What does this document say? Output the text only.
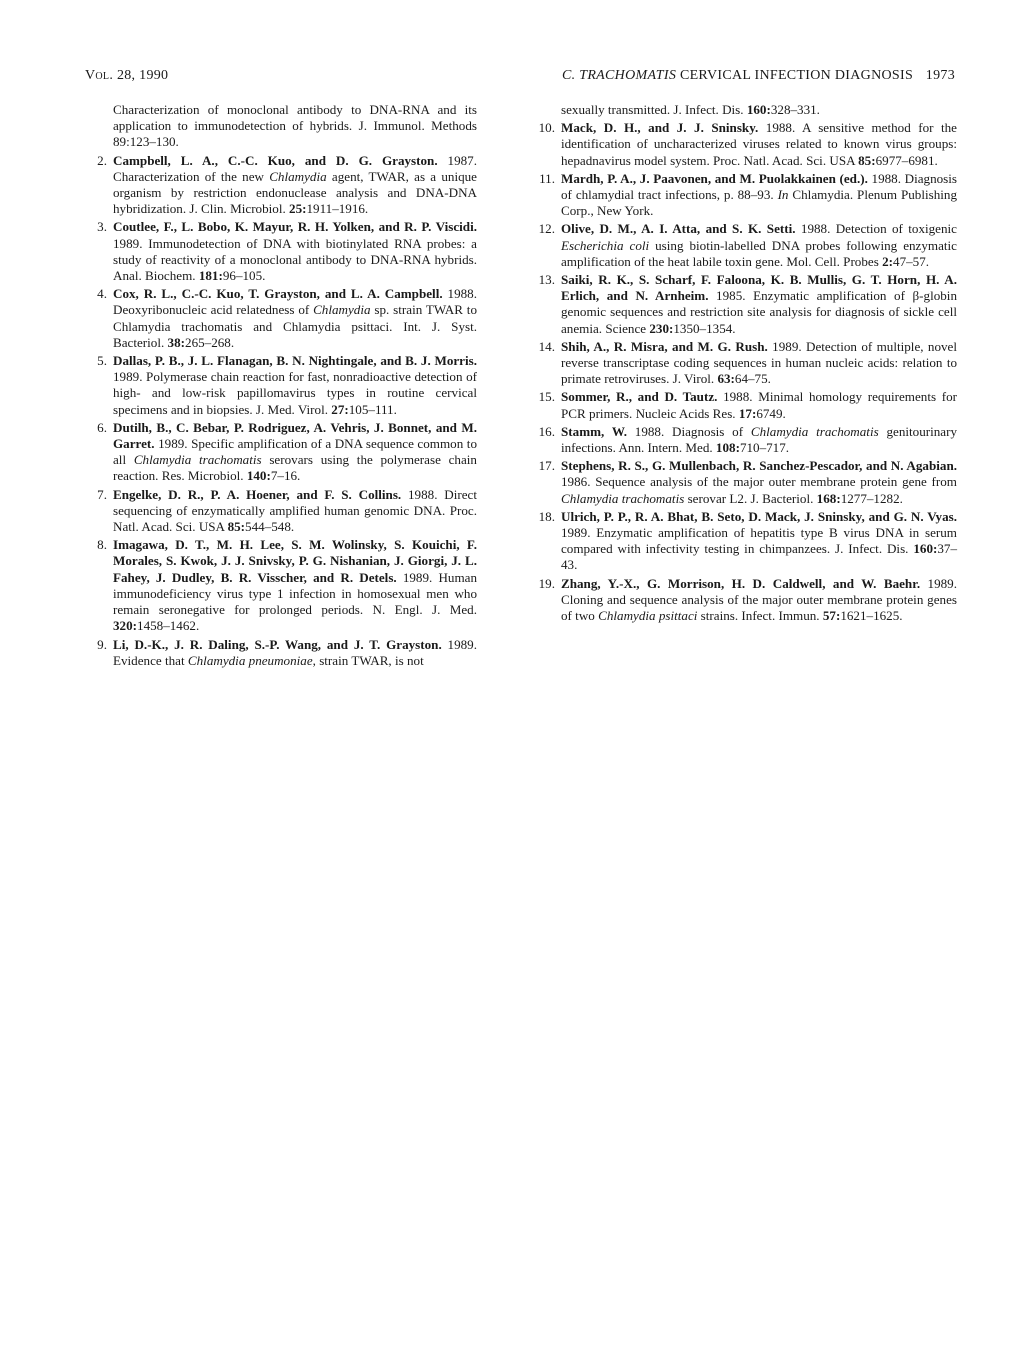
Vol. 28, 1990	C. TRACHOMATIS CERVICAL INFECTION DIAGNOSIS 1973

Characterization of monoclonal antibody to DNA-RNA and its application to immunodetection of hybrids. J. Immunol. Methods 89:123–130.

2. Campbell, L. A., C.-C. Kuo, and D. G. Grayston. 1987. Characterization of the new Chlamydia agent, TWAR, as a unique organism by restriction endonuclease analysis and DNA-DNA hybridization. J. Clin. Microbiol. 25:1911–1916.

3. Coutlee, F., L. Bobo, K. Mayur, R. H. Yolken, and R. P. Viscidi. 1989. Immunodetection of DNA with biotinylated RNA probes: a study of reactivity of a monoclonal antibody to DNA-RNA hybrids. Anal. Biochem. 181:96–105.

4. Cox, R. L., C.-C. Kuo, T. Grayston, and L. A. Campbell. 1988. Deoxyribonucleic acid relatedness of Chlamydia sp. strain TWAR to Chlamydia trachomatis and Chlamydia psittaci. Int. J. Syst. Bacteriol. 38:265–268.

5. Dallas, P. B., J. L. Flanagan, B. N. Nightingale, and B. J. Morris. 1989. Polymerase chain reaction for fast, nonradioactive detection of high- and low-risk papillomavirus types in routine cervical specimens and in biopsies. J. Med. Virol. 27:105–111.

6. Dutilh, B., C. Bebar, P. Rodriguez, A. Vehris, J. Bonnet, and M. Garret. 1989. Specific amplification of a DNA sequence common to all Chlamydia trachomatis serovars using the polymerase chain reaction. Res. Microbiol. 140:7–16.

7. Engelke, D. R., P. A. Hoener, and F. S. Collins. 1988. Direct sequencing of enzymatically amplified human genomic DNA. Proc. Natl. Acad. Sci. USA 85:544–548.

8. Imagawa, D. T., M. H. Lee, S. M. Wolinsky, S. Kouichi, F. Morales, S. Kwok, J. J. Snivsky, P. G. Nishanian, J. Giorgi, J. L. Fahey, J. Dudley, B. R. Visscher, and R. Detels. 1989. Human immunodeficiency virus type 1 infection in homosexual men who remain seronegative for prolonged periods. N. Engl. J. Med. 320:1458–1462.

9. Li, D.-K., J. R. Daling, S.-P. Wang, and J. T. Grayston. 1989. Evidence that Chlamydia pneumoniae, strain TWAR, is not

sexually transmitted. J. Infect. Dis. 160:328–331.

10. Mack, D. H., and J. J. Sninsky. 1988. A sensitive method for the identification of uncharacterized viruses related to known virus groups: hepadnavirus model system. Proc. Natl. Acad. Sci. USA 85:6977–6981.

11. Mardh, P. A., J. Paavonen, and M. Puolakkainen (ed.). 1988. Diagnosis of chlamydial tract infections, p. 88–93. In Chlamydia. Plenum Publishing Corp., New York.

12. Olive, D. M., A. I. Atta, and S. K. Setti. 1988. Detection of toxigenic Escherichia coli using biotin-labelled DNA probes following enzymatic amplification of the heat labile toxin gene. Mol. Cell. Probes 2:47–57.

13. Saiki, R. K., S. Scharf, F. Faloona, K. B. Mullis, G. T. Horn, H. A. Erlich, and N. Arnheim. 1985. Enzymatic amplification of β-globin genomic sequences and restriction site analysis for diagnosis of sickle cell anemia. Science 230:1350–1354.

14. Shih, A., R. Misra, and M. G. Rush. 1989. Detection of multiple, novel reverse transcriptase coding sequences in human nucleic acids: relation to primate retroviruses. J. Virol. 63:64–75.

15. Sommer, R., and D. Tautz. 1988. Minimal homology requirements for PCR primers. Nucleic Acids Res. 17:6749.

16. Stamm, W. 1988. Diagnosis of Chlamydia trachomatis genitourinary infections. Ann. Intern. Med. 108:710–717.

17. Stephens, R. S., G. Mullenbach, R. Sanchez-Pescador, and N. Agabian. 1986. Sequence analysis of the major outer membrane protein gene from Chlamydia trachomatis serovar L2. J. Bacteriol. 168:1277–1282.

18. Ulrich, P. P., R. A. Bhat, B. Seto, D. Mack, J. Sninsky, and G. N. Vyas. 1989. Enzymatic amplification of hepatitis type B virus DNA in serum compared with infectivity testing in chimpanzees. J. Infect. Dis. 160:37–43.

19. Zhang, Y.-X., G. Morrison, H. D. Caldwell, and W. Baehr. 1989. Cloning and sequence analysis of the major outer membrane protein genes of two Chlamydia psittaci strains. Infect. Immun. 57:1621–1625.
